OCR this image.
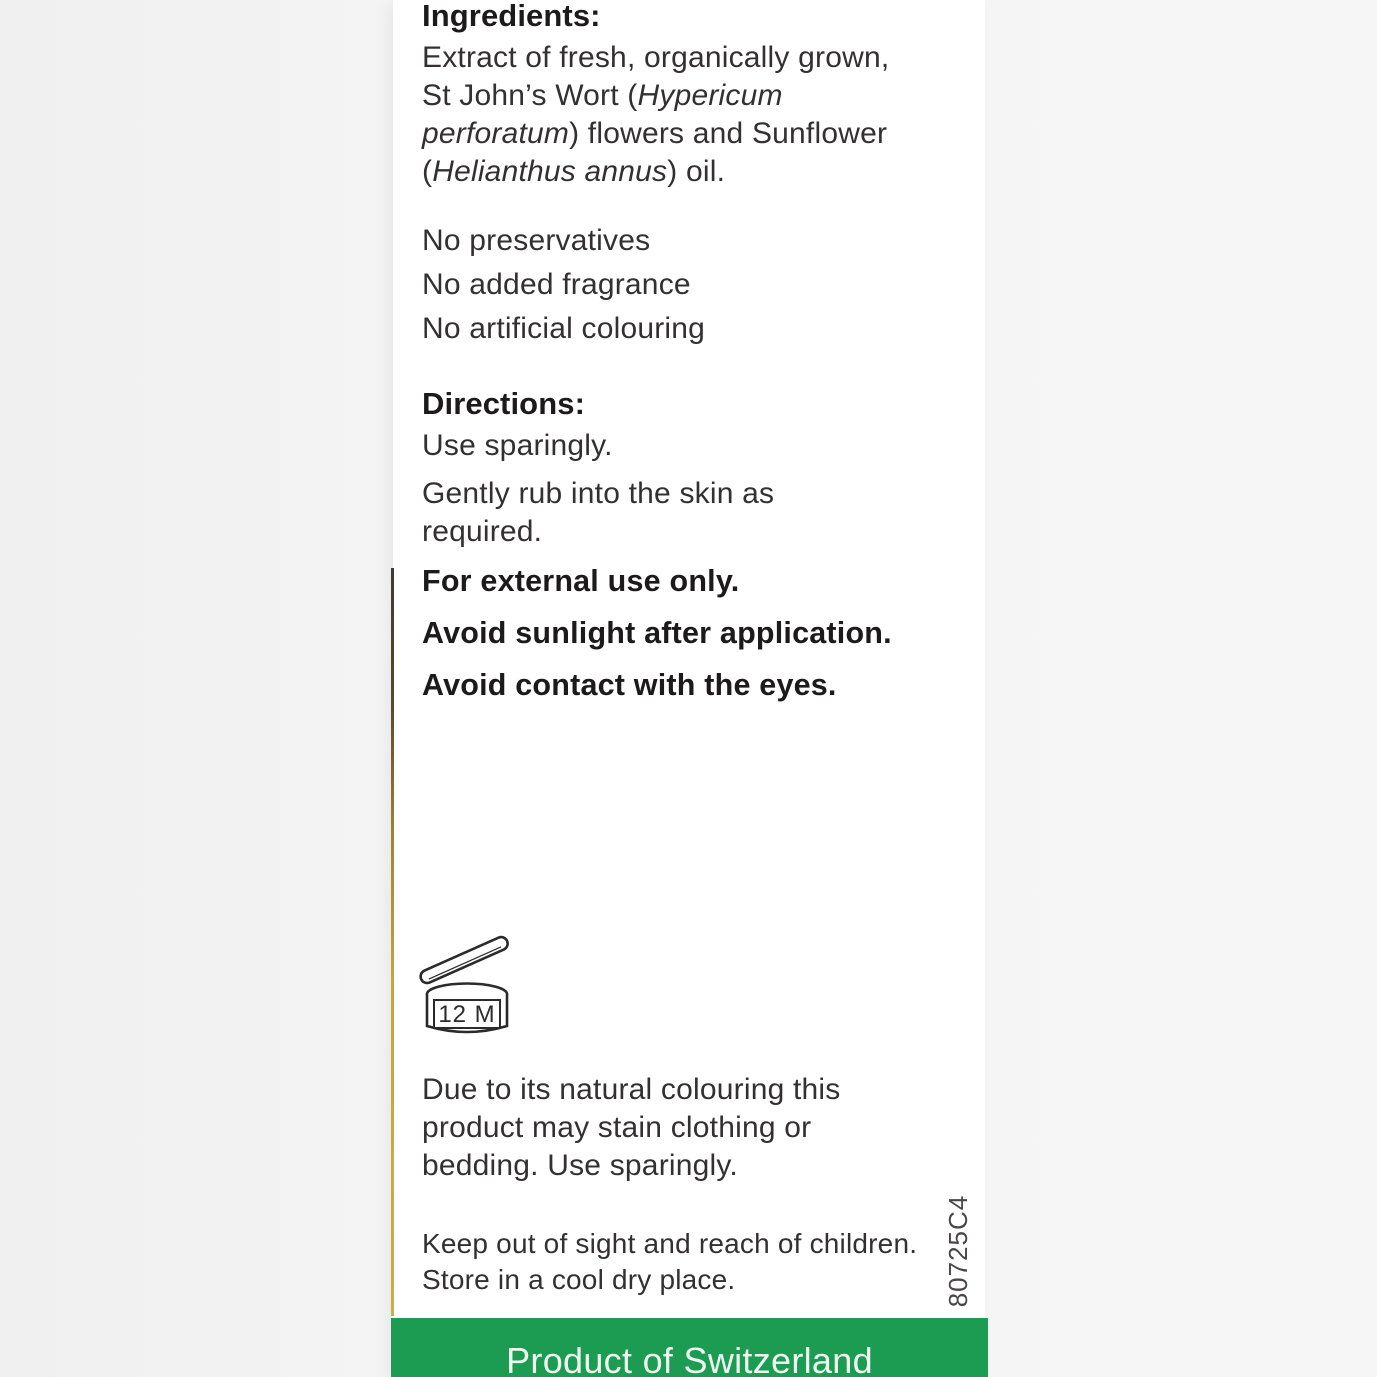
Ingredients:
Extract of fresh, organically grown,
St John’s Wort (Hypericum
perforatum) flowers and Sunflower
(Helianthus annus) oil.
No preservatives
No added fragrance
No artificial colouring
Directions:
Use sparingly.
Gently rub into the skin as
required.
For external use only.
Avoid sunlight after application.
Avoid contact with the eyes.
12 M
Due to its natural colouring this
product may stain clothing or
bedding. Use sparingly.
Keep out of sight and reach of children.
Store in a cool dry place.	80725C4
Product of Switzerland
